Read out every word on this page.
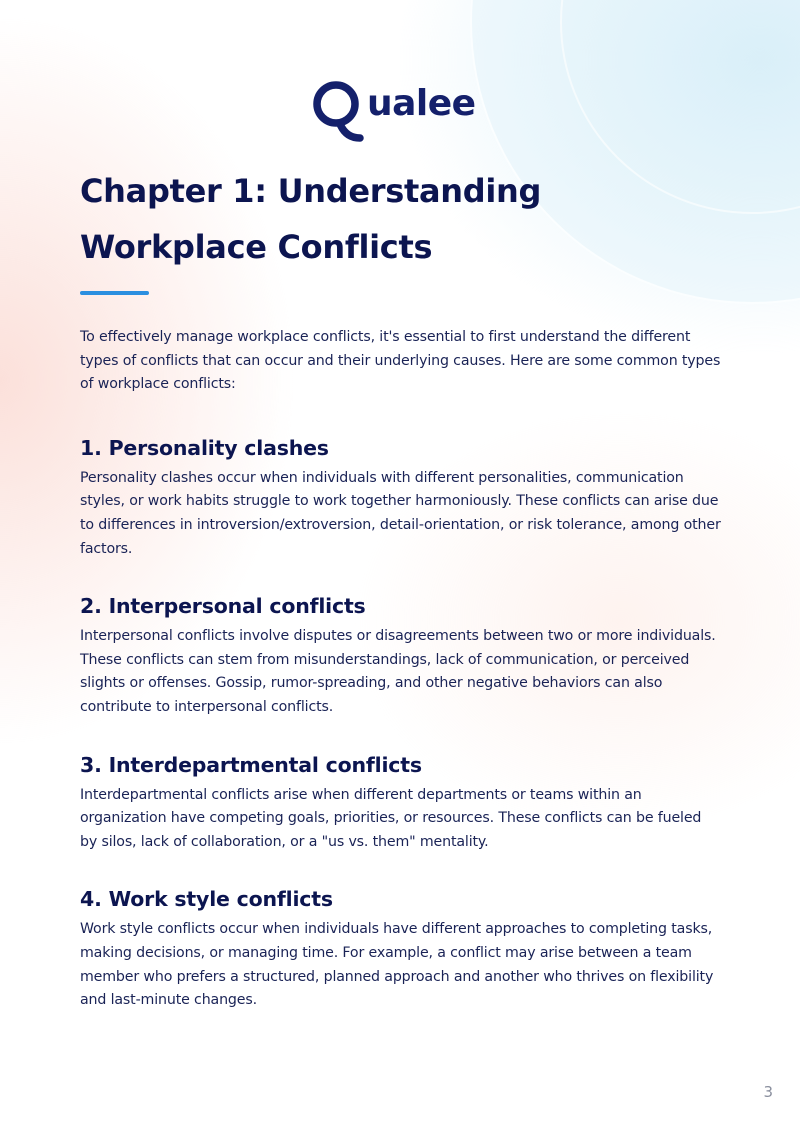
ualee
Chapter 1: Understanding Workplace Conflicts

To effectively manage workplace conflicts, it's essential to first understand the different types of conflicts that can occur and their underlying causes. Here are some common types of workplace conflicts:

1. Personality clashes

Personality clashes occur when individuals with different personalities, communication styles, or work habits struggle to work together harmoniously. These conflicts can arise due to differences in introversion/extroversion, detail-orientation, or risk tolerance, among other factors.

2. Interpersonal conflicts

Interpersonal conflicts involve disputes or disagreements between two or more individuals. These conflicts can stem from misunderstandings, lack of communication, or perceived slights or offenses. Gossip, rumor-spreading, and other negative behaviors can also contribute to interpersonal conflicts.

3. Interdepartmental conflicts

Interdepartmental conflicts arise when different departments or teams within an organization have competing goals, priorities, or resources. These conflicts can be fueled by silos, lack of collaboration, or a "us vs. them" mentality.

4. Work style conflicts

Work style conflicts occur when individuals have different approaches to completing tasks, making decisions, or managing time. For example, a conflict may arise between a team member who prefers a structured, planned approach and another who thrives on flexibility and last-minute changes.

3
